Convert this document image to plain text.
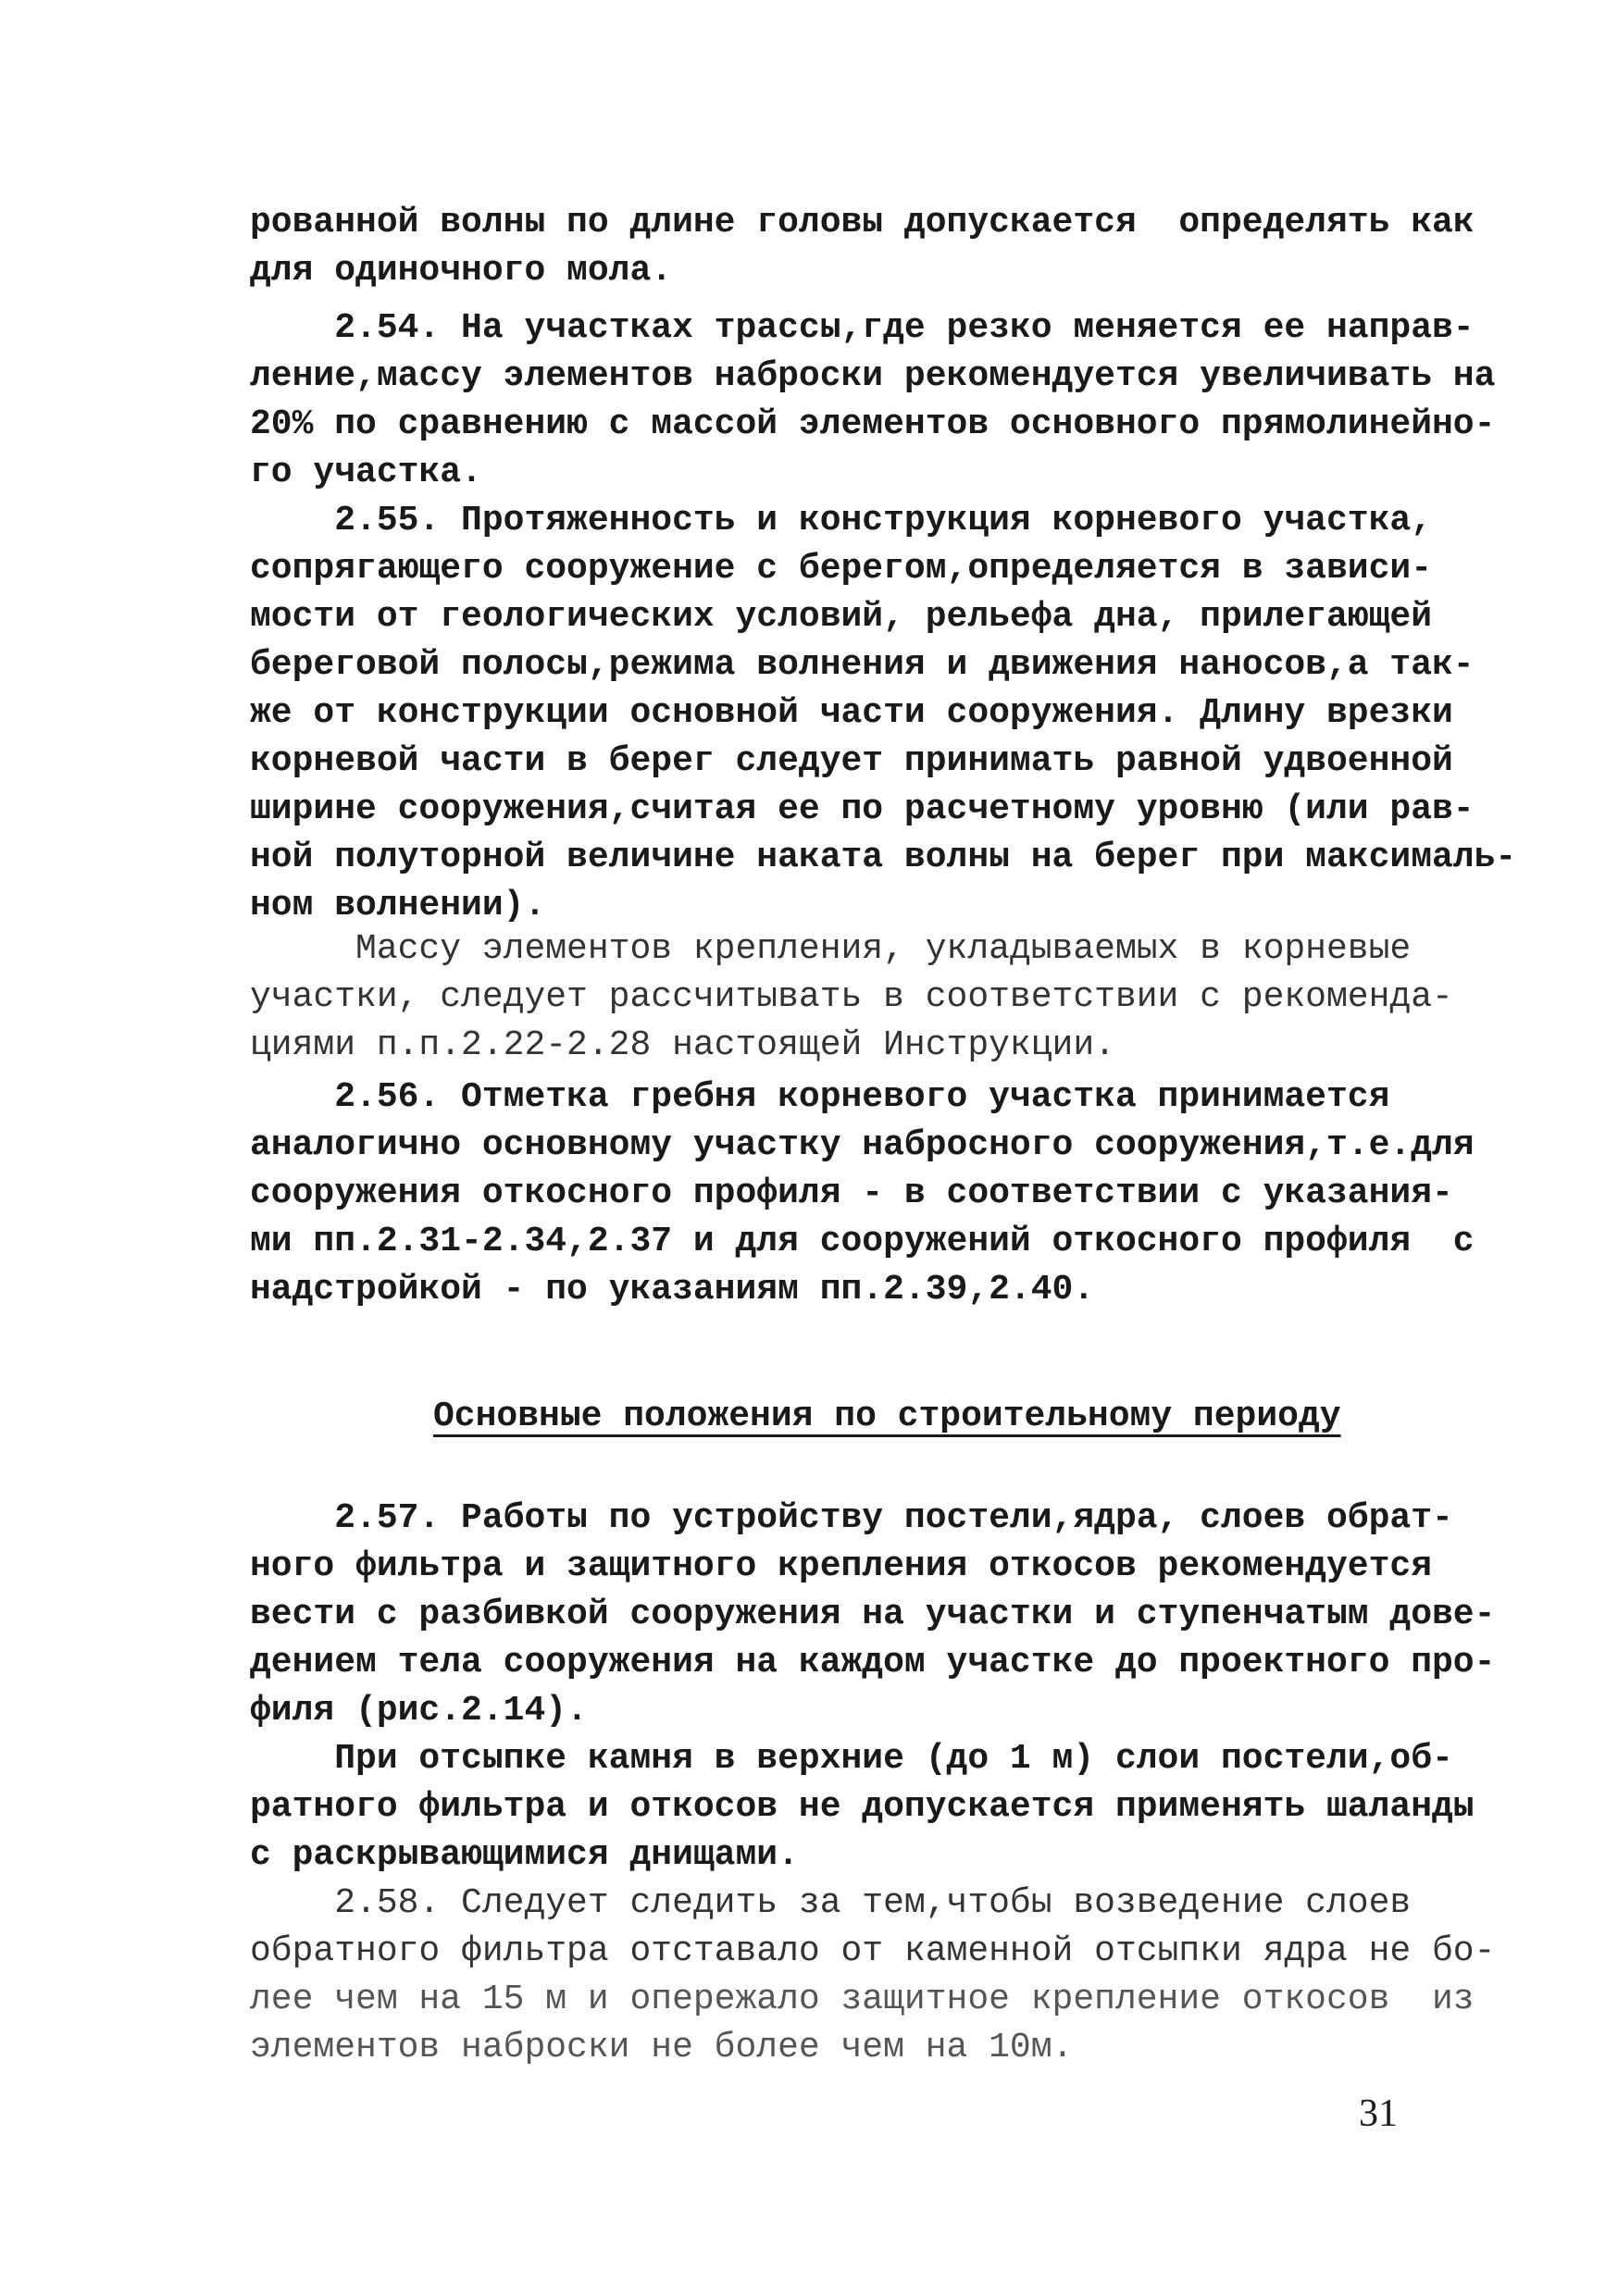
рованной волны по длине головы допускается  определять как
для одиночного мола.
2.54. На участках трассы,где резко меняется ее направ-
ление,массу элементов наброски рекомендуется увеличивать на
20% по сравнению с массой элементов основного прямолинейно-
го участка.
2.55. Протяженность и конструкция корневого участка,
сопрягающего сооружение с берегом,определяется в зависи-
мости от геологических условий, рельефа дна, прилегающей
береговой полосы,режима волнения и движения наносов,а так-
же от конструкции основной части сооружения. Длину врезки
корневой части в берег следует принимать равной удвоенной
ширине сооружения,считая ее по расчетному уровню (или рав-
ной полуторной величине наката волны на берег при максималь-
ном волнении).
Массу элементов крепления, укладываемых в корневые
участки, следует рассчитывать в соответствии с рекоменда-
циями п.п.2.22-2.28 настоящей Инструкции.
2.56. Отметка гребня корневого участка принимается
аналогично основному участку набросного сооружения,т.е.для
сооружения откосного профиля - в соответствии с указания-
ми пп.2.31-2.34,2.37 и для сооружений откосного профиля  с
надстройкой - по указаниям пп.2.39,2.40.
Основные положения по строительному периоду
2.57. Работы по устройству постели,ядра, слоев обрат-
ного фильтра и защитного крепления откосов рекомендуется
вести с разбивкой сооружения на участки и ступенчатым дове-
дением тела сооружения на каждом участке до проектного про-
филя (рис.2.14).
При отсыпке камня в верхние (до 1 м) слои постели,об-
ратного фильтра и откосов не допускается применять шаланды
с раскрывающимися днищами.
2.58. Следует следить за тем,чтобы возведение слоев
обратного фильтра отставало от каменной отсыпки ядра не бо-
лее чем на 15 м и опережало защитное крепление откосов  из
элементов наброски не более чем на 10м.
31
